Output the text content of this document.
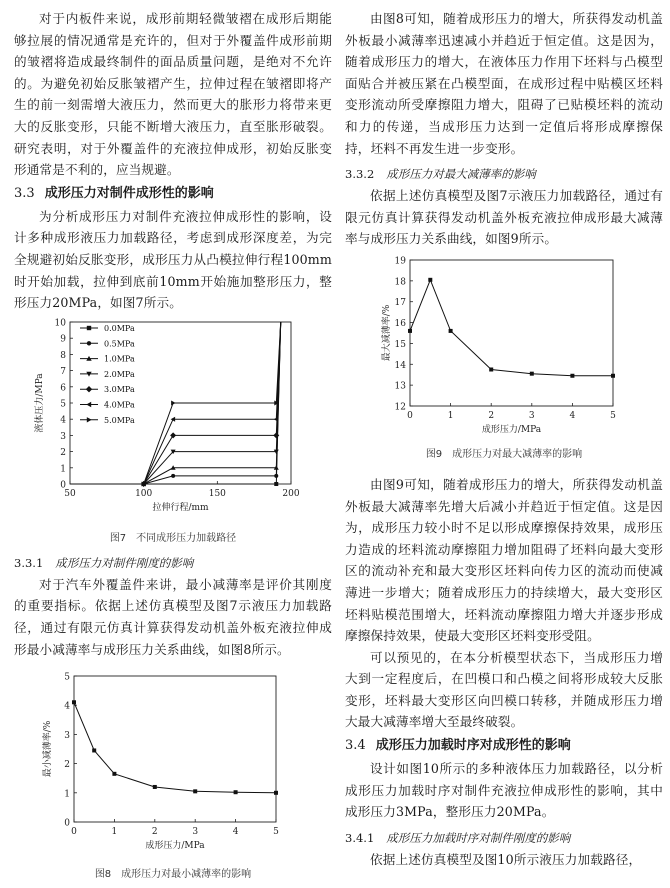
对于内板件来说，成形前期轻微皱褶在成形后期能够拉展的情况通常是充许的，但对于外覆盖件成形前期的皱褶将造成最终制件的面品质量问题，是绝对不允许的。为避免初始反胀皱褶产生，拉伸过程在皱褶即将产生的前一刻需增大液压力，然而更大的胀形力将带来更大的反胀变形，只能不断增大液压力，直至胀形破裂。研究表明，对于外覆盖件的充液拉伸成形，初始反胀变形通常是不利的，应当规避。

3.3 成形压力对制件成形性的影响

为分析成形压力对制件充液拉伸成形性的影响，设计多种成形液压力加载路径，考虑到成形深度差，为完全规避初始反胀变形，成形压力从凸模拉伸行程100mm时开始加载，拉伸到底前10mm开始施加整形压力，整形压力20MPa，如图7所示。

50	100	150	200
0
1
2
3
4
5
6
7
8
9
10
拉伸行程/mm
液体压力/MPa
0.0MPa
0.5MPa
1.0MPa
2.0MPa
3.0MPa
4.0MPa
5.0MPa
图7　不同成形压力加载路径
3.3.1 成形压力对制件刚度的影响

对于汽车外覆盖件来讲，最小减薄率是评价其刚度的重要指标。依据上述仿真模型及图7示液压力加载路径，通过有限元仿真计算获得发动机盖外板充液拉伸成形最小减薄率与成形压力关系曲线，如图8所示。

0	1	2	3	4	5
0
1
2
3
4
5
成形压力/MPa
最小减薄率/%
图8　成形压力对最小减薄率的影响

由图8可知，随着成形压力的增大，所获得发动机盖外板最小减薄率迅速减小并趋近于恒定值。这是因为，随着成形压力的增大，在液体压力作用下坯料与凸模型面贴合并被压紧在凸模型面，在成形过程中贴模区坯料变形流动所受摩擦阻力增大，阻碍了已贴模坯料的流动和力的传递，当成形压力达到一定值后将形成摩擦保持，坯料不再发生进一步变形。

3.3.2 成形压力对最大减薄率的影响

依据上述仿真模型及图7示液压力加载路径，通过有限元仿真计算获得发动机盖外板充液拉伸成形最大减薄率与成形压力关系曲线，如图9所示。

0	1	2	3	4	5
12
13
14
15
16
17
18
19
成形压力/MPa
最大减薄率/%
图9　成形压力对最大减薄率的影响

由图9可知，随着成形压力的增大，所获得发动机盖外板最大减薄率先增大后减小并趋近于恒定值。这是因为，成形压力较小时不足以形成摩擦保持效果，成形压力造成的坯料流动摩擦阻力增加阻碍了坯料向最大变形区的流动补充和最大变形区坯料向传力区的流动而使减薄进一步增大；随着成形压力的持续增大，最大变形区坯料贴模范围增大，坯料流动摩擦阻力增大并逐步形成摩擦保持效果，使最大变形区坯料变形受阻。

可以预见的，在本分析模型状态下，当成形压力增大到一定程度后，在凹模口和凸模之间将形成较大反胀变形，坯料最大变形区向凹模口转移，并随成形压力增大最大减薄率增大至最终破裂。

3.4 成形压力加载时序对成形性的影响

设计如图10所示的多种液体压力加载路径，以分析成形压力加载时序对制件充液拉伸成形性的影响，其中成形压力3MPa，整形压力20MPa。

3.4.1 成形压力加载时序对制件刚度的影响

依据上述仿真模型及图10所示液压力加载路径，
